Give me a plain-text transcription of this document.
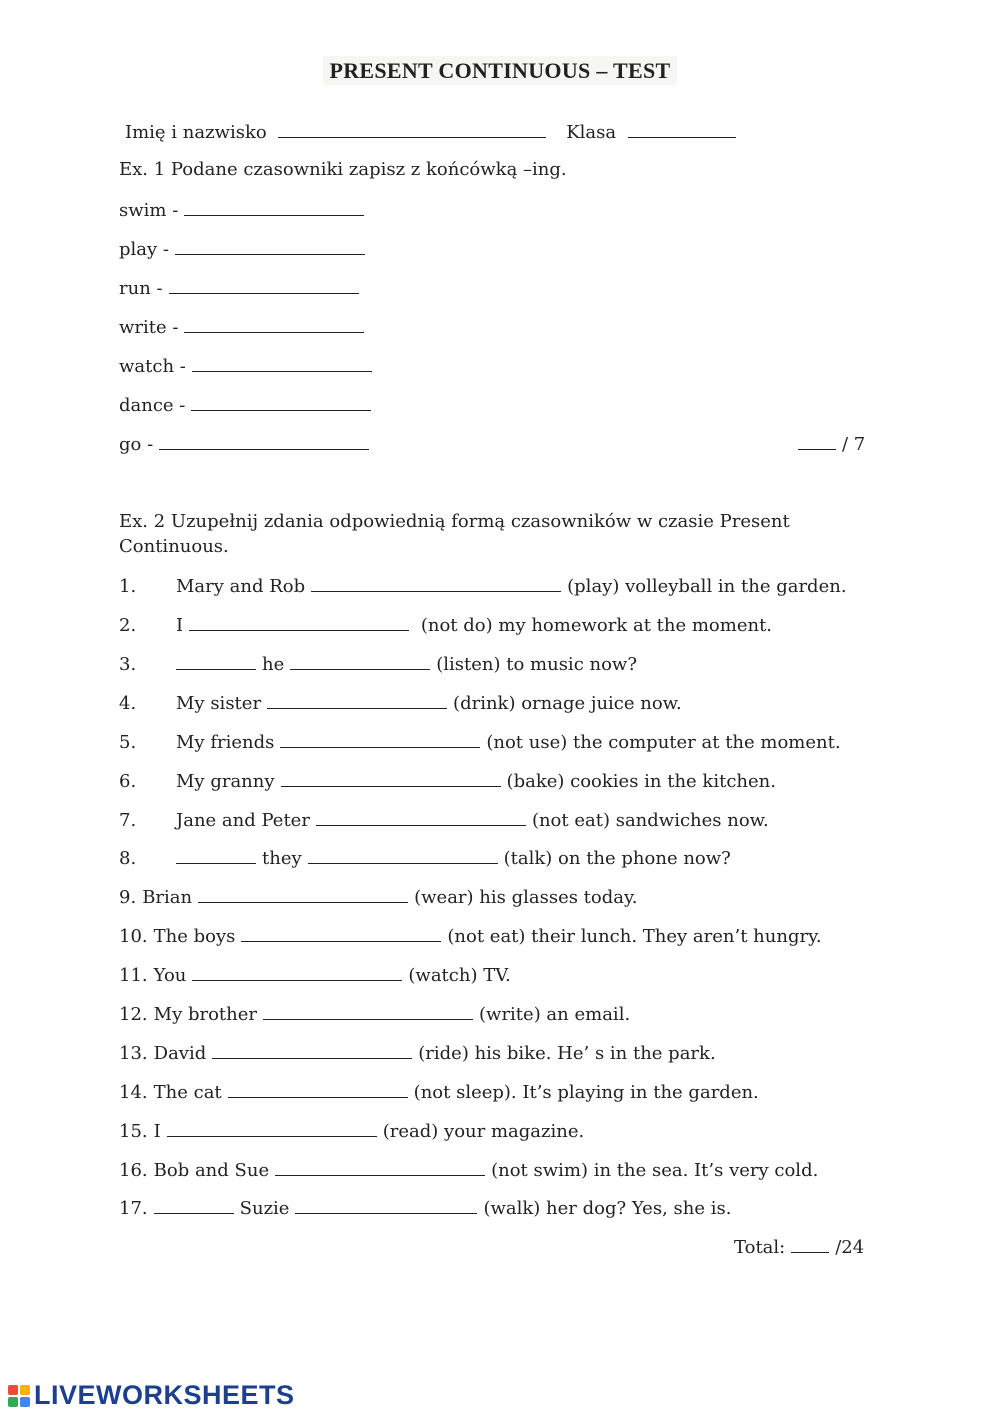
PRESENT CONTINUOUS – TEST
Imię i nazwisko	Klasa
Ex. 1 Podane czasowniki zapisz z końcówką –ing.
swim -
play -
run -
write -
watch -
dance -
go -	/ 7
Ex. 2 Uzupełnij zdania odpowiednią formą czasowników w czasie Present Continuous.
1. Mary and Rob	(play) volleyball in the garden.
2. I	(not do) my homework at the moment.
3.	he	(listen) to music now?
4. My sister	(drink) ornage juice now.
5. My friends	(not use) the computer at the moment.
6. My granny	(bake) cookies in the kitchen.
7. Jane and Peter	(not eat) sandwiches now.
8.	they	(talk) on the phone now?
9. Brian	(wear) his glasses today.
10. The boys	(not eat) their lunch. They aren’t hungry.
11. You	(watch) TV.
12. My brother	(write) an email.
13. David	(ride) his bike. He’ s in the park.
14. The cat	(not sleep). It’s playing in the garden.
15. I	(read) your magazine.
16. Bob and Sue	(not swim) in the sea. It’s very cold.
17.	Suzie	(walk) her dog? Yes, she is.
Total:	/24
LIVEWORKSHEETS
